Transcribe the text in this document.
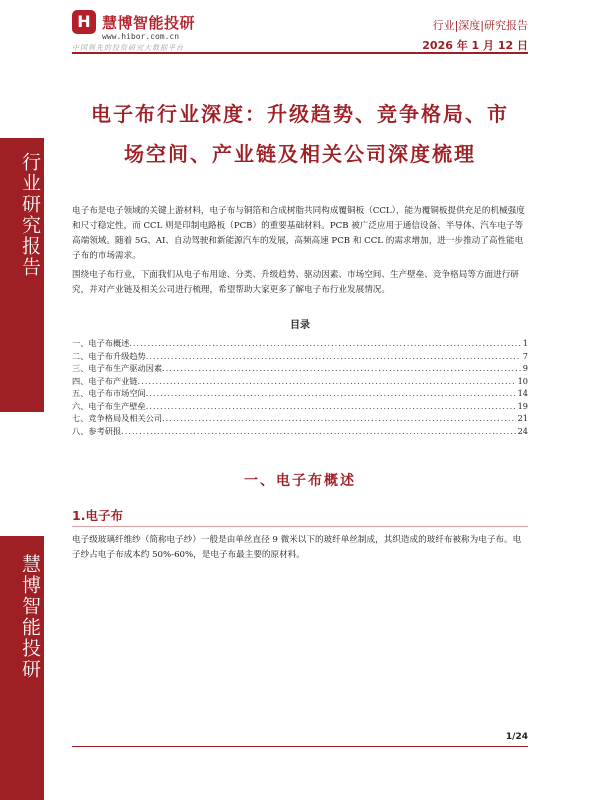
行业研究报告
慧博智能投研
H
慧博智能投研
www.hibor.com.cn
中国领先的投资研究大数据平台
行业|深度|研究报告
2026 年 1 月 12 日
电子布行业深度：升级趋势、竞争格局、市
场空间、产业链及相关公司深度梳理
电子布是电子领域的关键上游材料，电子布与铜箔和合成树脂共同构成覆铜板（CCL），能为覆铜板提供充足的机械强度和尺寸稳定性，而 CCL 则是印制电路板（PCB）的重要基础材料。PCB 被广泛应用于通信设备、半导体、汽车电子等高端领域。随着 5G、AI、自动驾驶和新能源汽车的发展，高频高速 PCB 和 CCL 的需求增加，进一步推动了高性能电子布的市场需求。
围绕电子布行业，下面我们从电子布用途、分类、升级趋势、驱动因素、市场空间、生产壁垒、竞争格局等方面进行研究，并对产业链及相关公司进行梳理，希望帮助大家更多了解电子布行业发展情况。
目录
一、电子布概述 .....	1
二、电子布升级趋势 .....	7
三、电子布生产驱动因素 .....	9
四、电子布产业链 .....	10
五、电子布市场空间 .....	14
六、电子布生产壁垒 .....	19
七、竞争格局及相关公司 .....	21
八、参考研报 .....	24
一、电子布概述
1.电子布
电子级玻璃纤维纱（简称电子纱）一般是由单丝直径 9 微米以下的玻纤单丝制成，其织造成的玻纤布被称为电子布。电子纱占电子布成本约 50%-60%，是电子布最主要的原材料。
1/24
